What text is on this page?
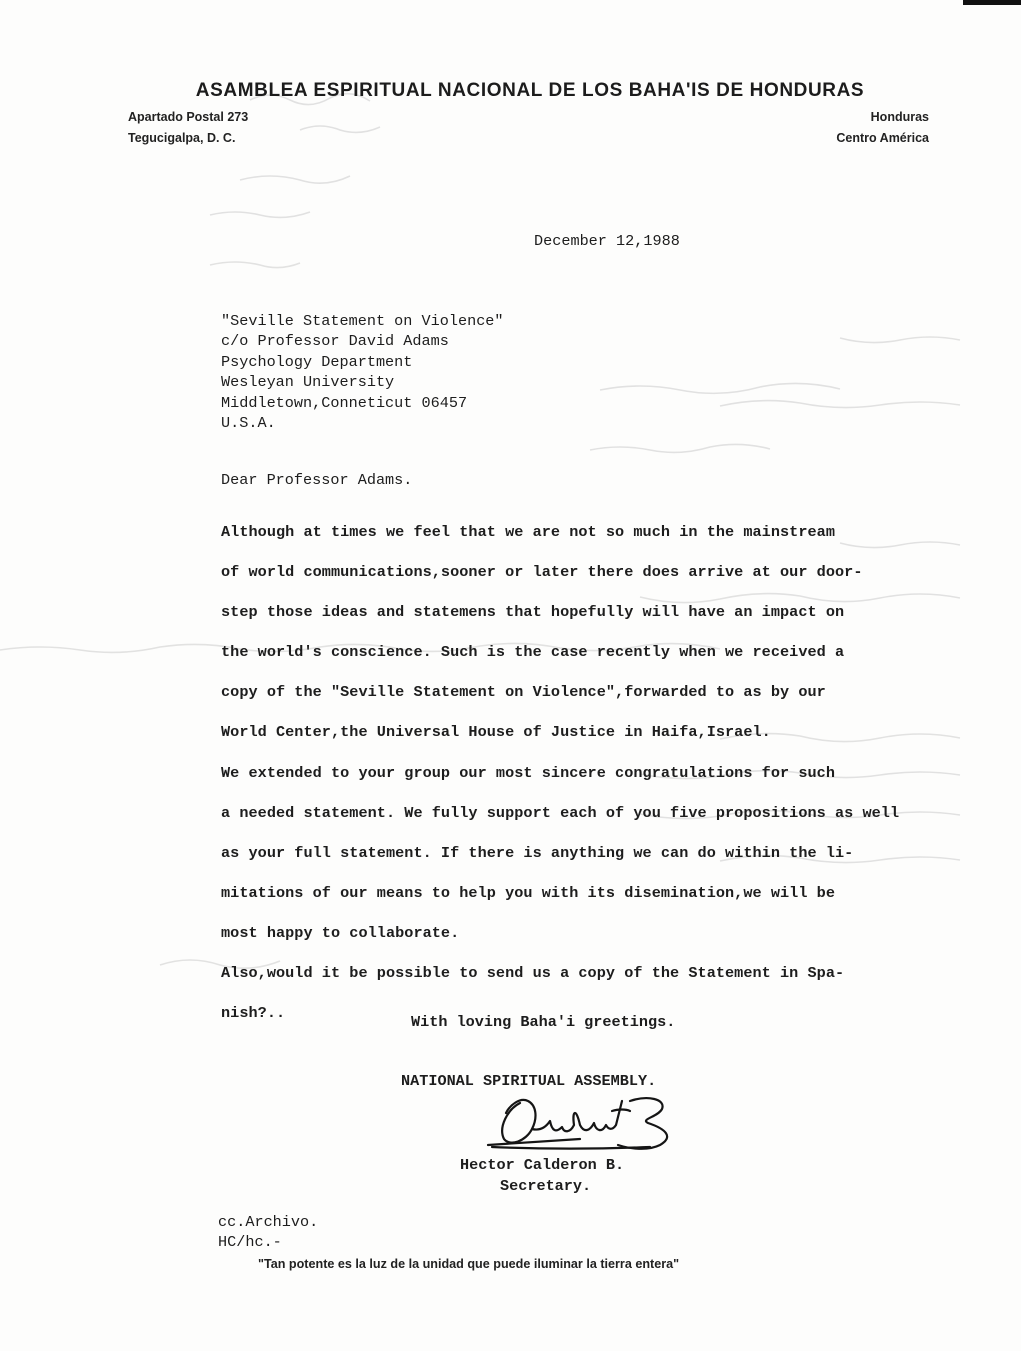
ASAMBLEA ESPIRITUAL NACIONAL DE LOS BAHA'IS DE HONDURAS
Apartado Postal 273
Tegucigalpa, D. C.
Honduras
Centro América
December 12,1988
"Seville Statement on Violence"
c/o Professor David Adams
Psychology Department
Wesleyan University
Middletown,Conneticut 06457
U.S.A.
Dear Professor Adams.
Although at times we feel that we are not so much in the mainstream
of world communications,sooner or later there does arrive at our door-
step those ideas and statemens that hopefully will have an impact on
the world's conscience. Such is the case recently when we received a
copy of the "Seville Statement on Violence",forwarded to as by our
World Center,the Universal House of Justice in Haifa,Israel.
We extended to your group our most sincere congratulations for such
a needed statement. We fully support each of you five propositions as well
as your full statement. If there is anything we can do within the li-
mitations of our means to help you with its disemination,we will be
most happy to collaborate.
Also,would it be possible to send us a copy of the Statement in Spa-
nish?..	With loving Baha'i greetings.
NATIONAL SPIRITUAL ASSEMBLY.
Hector Calderon B.
Secretary.
cc.Archivo.
HC/hc.-
"Tan potente es la luz de la unidad que puede iluminar la tierra entera"
